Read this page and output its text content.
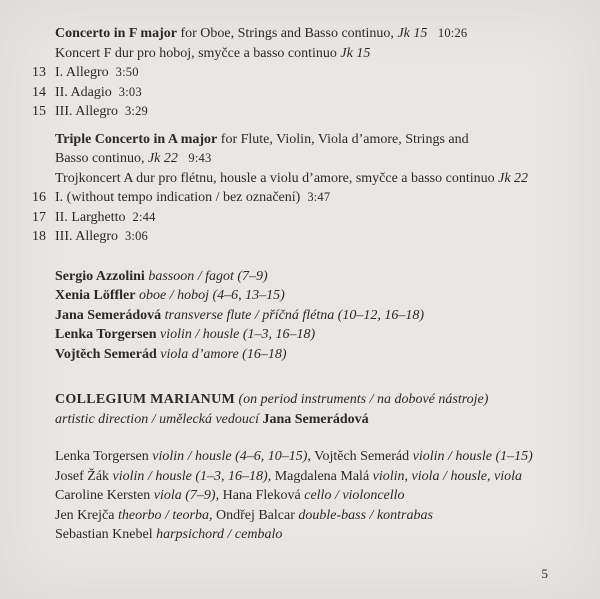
Concerto in F major for Oboe, Strings and Basso continuo, Jk 15 10:26
Koncert F dur pro hoboj, smyčce a basso continuo Jk 15
13 I. Allegro 3:50
14 II. Adagio 3:03
15 III. Allegro 3:29
Triple Concerto in A major for Flute, Violin, Viola d’amore, Strings and
Basso continuo, Jk 22 9:43
Trojkoncert A dur pro flétnu, housle a violu d’amore, smyčce a basso continuo Jk 22
16 I. (without tempo indication / bez označení) 3:47
17 II. Larghetto 2:44
18 III. Allegro 3:06
Sergio Azzolini bassoon / fagot (7–9)
Xenia Löffler oboe / hoboj (4–6, 13–15)
Jana Semerádová transverse flute / příčná flétna (10–12, 16–18)
Lenka Torgersen violin / housle (1–3, 16–18)
Vojtěch Semerád viola d’amore (16–18)
COLLEGIUM MARIANUM (on period instruments / na dobové nástroje)
artistic direction / umělecká vedoucí Jana Semerádová
Lenka Torgersen violin / housle (4–6, 10–15), Vojtěch Semerád violin / housle (1–15)
Josef Žák violin / housle (1–3, 16–18), Magdalena Malá violin, viola / housle, viola
Caroline Kersten viola (7–9), Hana Fleková cello / violoncello
Jen Krejča theorbo / teorba, Ondřej Balcar double-bass / kontrabas
Sebastian Knebel harpsichord / cembalo
5
